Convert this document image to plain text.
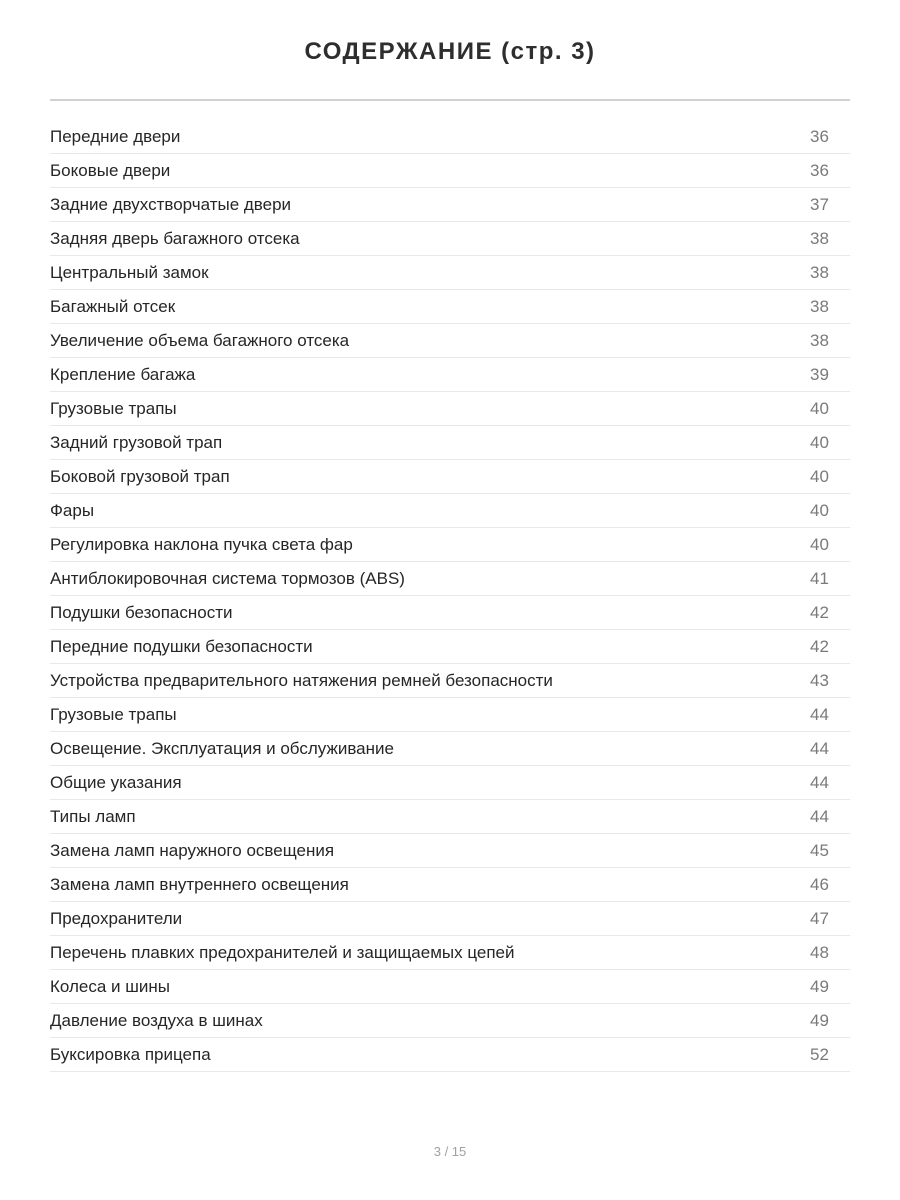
СОДЕРЖАНИЕ (стр. 3)
Передние двери	36
Боковые двери	36
Задние двухстворчатые двери	37
Задняя дверь багажного отсека	38
Центральный замок	38
Багажный отсек	38
Увеличение объема багажного отсека	38
Крепление багажа	39
Грузовые трапы	40
Задний грузовой трап	40
Боковой грузовой трап	40
Фары	40
Регулировка наклона пучка света фар	40
Антиблокировочная система тормозов (ABS)	41
Подушки безопасности	42
Передние подушки безопасности	42
Устройства предварительного натяжения ремней безопасности	43
Грузовые трапы	44
Освещение. Эксплуатация и обслуживание	44
Общие указания	44
Типы ламп	44
Замена ламп наружного освещения	45
Замена ламп внутреннего освещения	46
Предохранители	47
Перечень плавких предохранителей и защищаемых цепей	48
Колеса и шины	49
Давление воздуха в шинах	49
Буксировка прицепа	52
3 / 15
